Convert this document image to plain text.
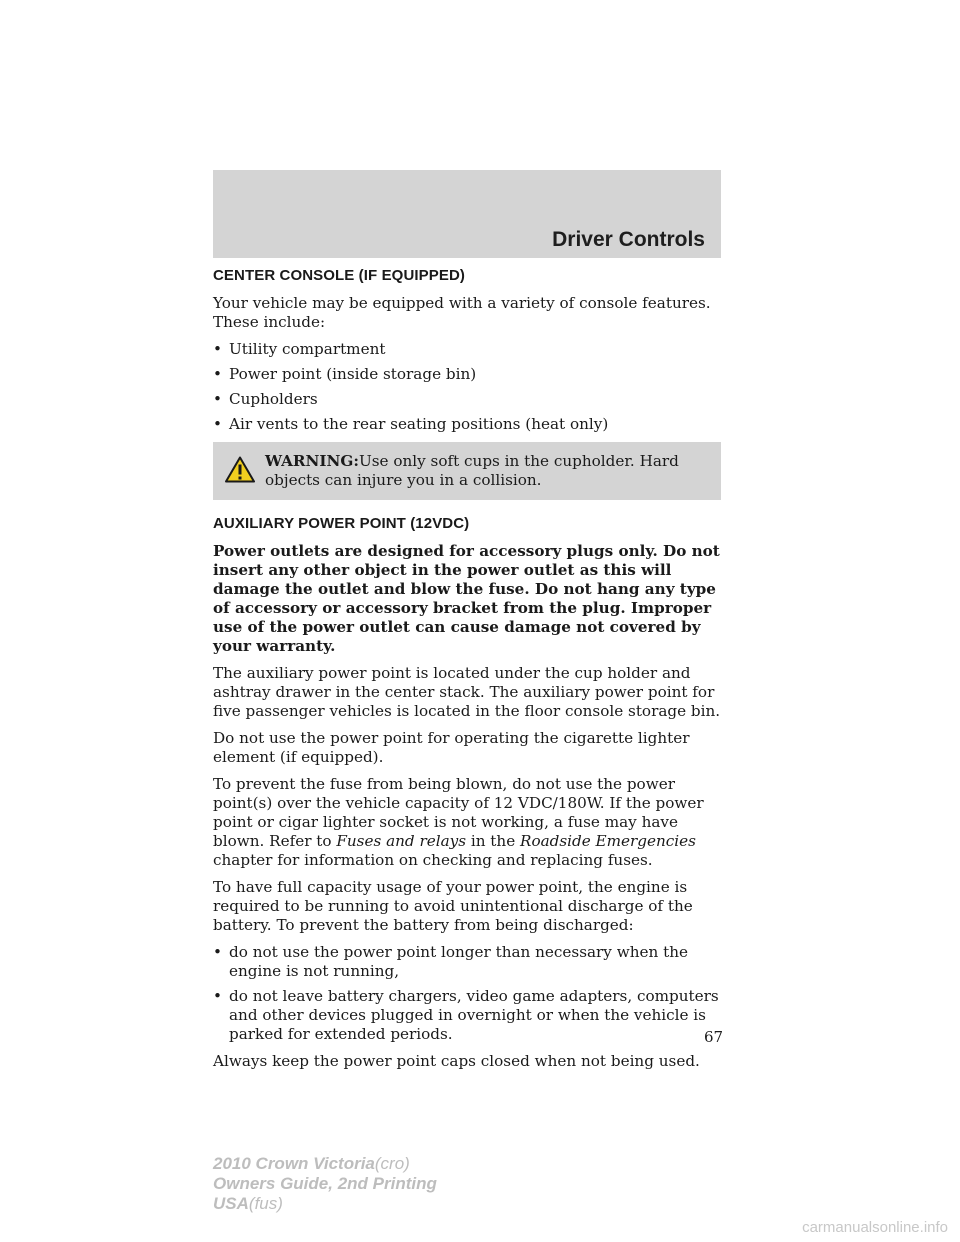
Driver Controls
CENTER CONSOLE (IF EQUIPPED)

Your vehicle may be equipped with a variety of console features. These include:

• Utility compartment
• Power point (inside storage bin)
• Cupholders
• Air vents to the rear seating positions (heat only)
WARNING:Use only soft cups in the cupholder. Hard objects can injure you in a collision.
AUXILIARY POWER POINT (12VDC)

Power outlets are designed for accessory plugs only. Do not insert any other object in the power outlet as this will damage the outlet and blow the fuse. Do not hang any type of accessory or accessory bracket from the plug. Improper use of the power outlet can cause damage not covered by your warranty.

The auxiliary power point is located under the cup holder and ashtray drawer in the center stack. The auxiliary power point for five passenger vehicles is located in the floor console storage bin.

Do not use the power point for operating the cigarette lighter element (if equipped).

To prevent the fuse from being blown, do not use the power point(s) over the vehicle capacity of 12 VDC/180W. If the power point or cigar lighter socket is not working, a fuse may have blown. Refer to Fuses and relays in the Roadside Emergencies chapter for information on checking and replacing fuses.

To have full capacity usage of your power point, the engine is required to be running to avoid unintentional discharge of the battery. To prevent the battery from being discharged:

• do not use the power point longer than necessary when the engine is not running,
• do not leave battery chargers, video game adapters, computers and other devices plugged in overnight or when the vehicle is parked for extended periods.

Always keep the power point caps closed when not being used.

67
2010 Crown Victoria(cro)
Owners Guide, 2nd Printing
USA(fus)
carmanualsonline.info
